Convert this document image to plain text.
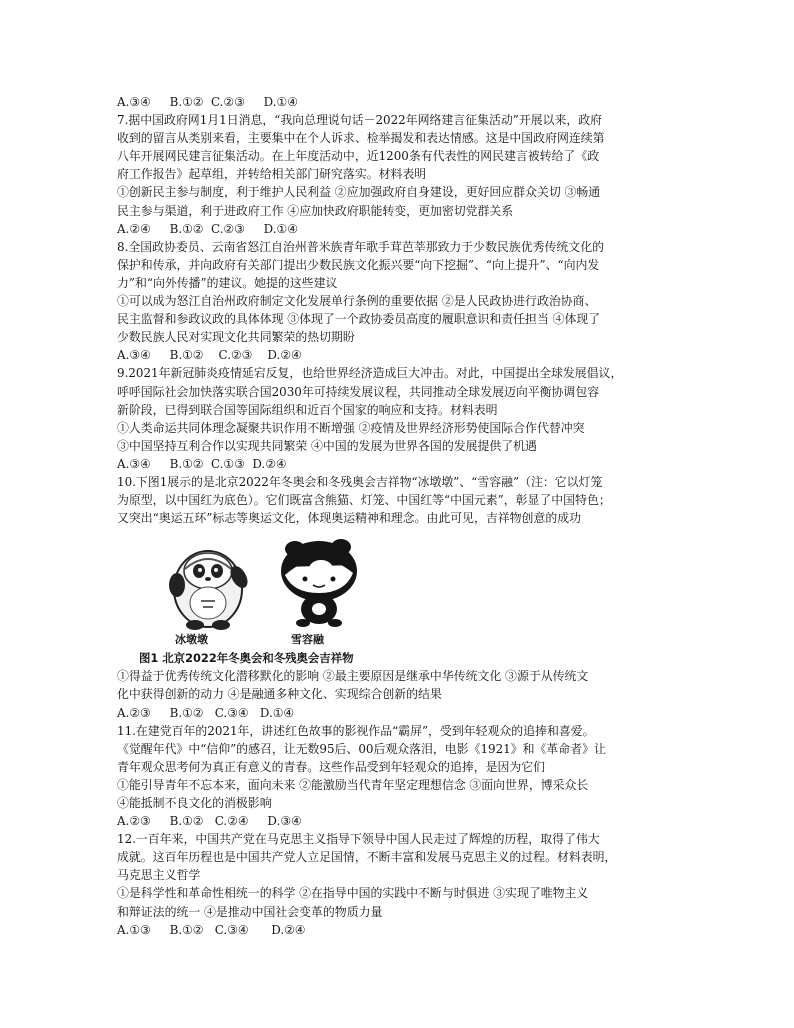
A.③④     B.①②  C.②③     D.①④
7.据中国政府网1月1日消息，“我向总理说句话－2022年网络建言征集活动”开展以来，政府
收到的留言从类别来看，主要集中在个人诉求、检举揭发和表达情感。这是中国政府网连续第
八年开展网民建言征集活动。在上年度活动中，近1200条有代表性的网民建言被转给了《政
府工作报告》起草组，并转给相关部门研究落实。材料表明
①创新民主参与制度，利于维护人民利益 ②应加强政府自身建设，更好回应群众关切 ③畅通
民主参与渠道，利于进政府工作 ④应加快政府职能转变，更加密切党群关系
A.②④     B.①②  C.②③     D.①④
8.全国政协委员、云南省怒江自治州普米族青年歌手茸芭莘那致力于少数民族优秀传统文化的
保护和传承，并向政府有关部门提出少数民族文化振兴要“向下挖掘”、“向上提升”、“向内发
力”和“向外传播”的建议。她提的这些建议
①可以成为怒江自治州政府制定文化发展单行条例的重要依据 ②是人民政协进行政治协商、
民主监督和参政议政的具体体现 ③体现了一个政协委员高度的履职意识和责任担当 ④体现了
少数民族人民对实现文化共同繁荣的热切期盼
A.③④     B.①②    C.②③    D.②④
9.2021年新冠肺炎疫情延宕反复，也给世界经济造成巨大冲击。对此，中国提出全球发展倡议，
呼呼国际社会加快落实联合国2030年可持续发展议程，共同推动全球发展迈向平衡协调包容
新阶段，已得到联合国等国际组织和近百个国家的响应和支持。材料表明
①人类命运共同体理念凝聚共识作用不断增强 ②疫情及世界经济形势使国际合作代替冲突
③中国坚持互利合作以实现共同繁荣 ④中国的发展为世界各国的发展提供了机遇
A.③④     B.①②  C.①③  D.②④
10.下图1展示的是北京2022年冬奥会和冬残奥会吉祥物“冰墩墩”、“雪容融”（注：它以灯笼
为原型，以中国红为底色）。它们既富含熊猫、灯笼、中国红等“中国元素”，彰显了中国特色；
又突出“奥运五环”标志等奥运文化，体现奥运精神和理念。由此可见，吉祥物创意的成功
冰墩墩	雪容融
图1 北京2022年冬奥会和冬残奥会吉祥物
①得益于优秀传统文化潜移默化的影响 ②最主要原因是继承中华传统文化 ③源于从传统文
化中获得创新的动力 ④是融通多种文化、实现综合创新的结果
A.②③     B.①②   C.③④   D.①④
11.在建党百年的2021年，讲述红色故事的影视作品“霸屏”，受到年轻观众的追捧和喜爱。
《觉醒年代》中“信仰”的感召，让无数95后、00后观众落泪，电影《1921》和《革命者》让
青年观众思考何为真正有意义的青春。这些作品受到年轻观众的追捧，是因为它们
①能引导青年不忘本来，面向未来 ②能激励当代青年坚定理想信念 ③面向世界，博采众长
④能抵制不良文化的消极影响
A.②③     B.①②   C.②④     D.③④
12.一百年来，中国共产党在马克思主义指导下领导中国人民走过了辉煌的历程，取得了伟大
成就。这百年历程也是中国共产党人立足国情，不断丰富和发展马克思主义的过程。材料表明，
马克思主义哲学
①是科学性和革命性相统一的科学 ②在指导中国的实践中不断与时俱进 ③实现了唯物主义
和辩证法的统一 ④是推动中国社会变革的物质力量
A.①③     B.①②   C.③④      D.②④
